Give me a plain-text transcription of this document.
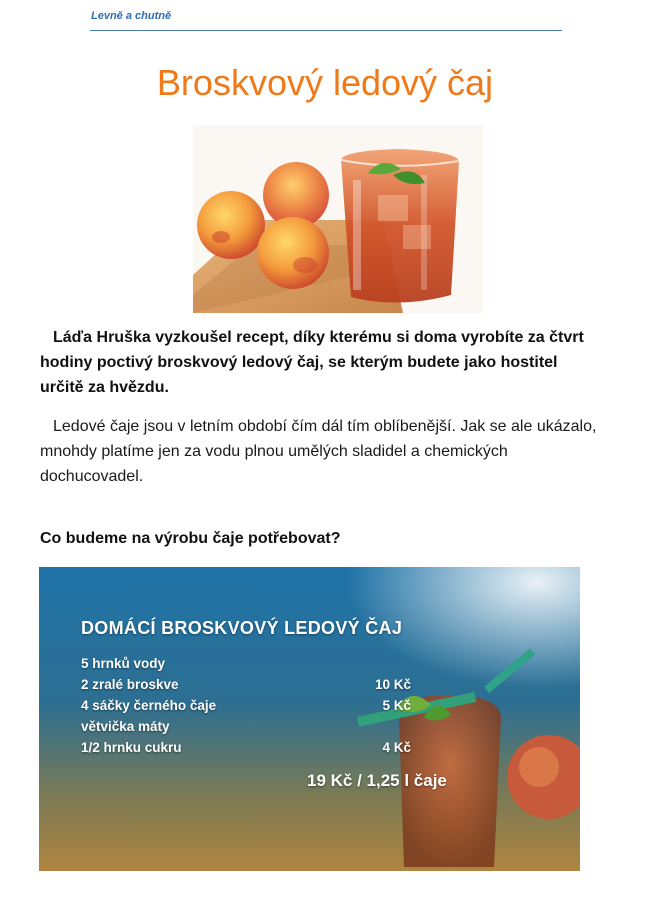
Levně a chutně
Broskvový ledový čaj

Láďa Hruška vyzkoušel recept, díky kterému si doma vyrobíte za čtvrt hodiny poctivý broskvový ledový čaj, se kterým budete jako hostitel určitě za hvězdu.

Ledové čaje jsou v letním období čím dál tím oblíbenější. Jak se ale ukázalo, mnohdy platíme jen za vodu plnou umělých sladidel a chemických dochucovadel.

Co budeme na výrobu čaje potřebovat?
DOMÁCÍ BROSKVOVÝ LEDOVÝ ČAJ
5 hrnků vody
2 zralé broskve	10 Kč
4 sáčky černého čaje	5 Kč
větvička máty
1/2 hrnku cukru	4 Kč
19 Kč / 1,25 l čaje
